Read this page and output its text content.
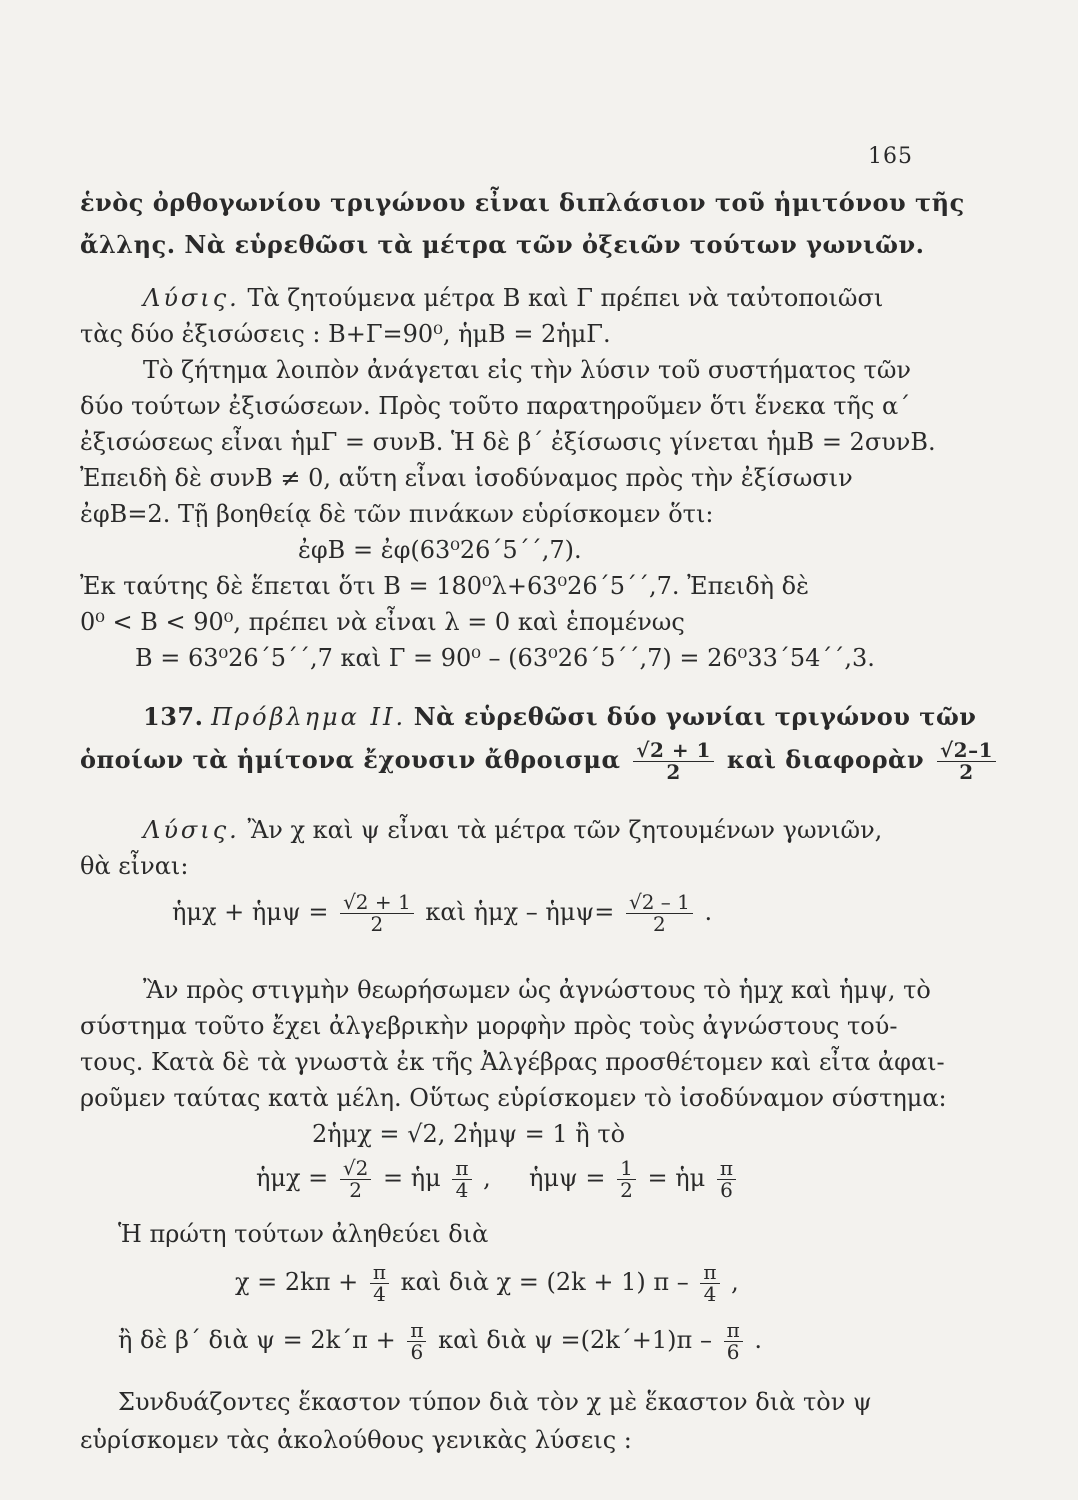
165
ἑνὸς ὀρθογωνίου τριγώνου εἶναι διπλάσιον τοῦ ἡμιτόνου τῆς
ἄλλης. Νὰ εὑρεθῶσι τὰ μέτρα τῶν ὀξειῶν τούτων γωνιῶν.
Λύσις. Τὰ ζητούμενα μέτρα Β καὶ Γ πρέπει νὰ ταὐτοποιῶσι
τὰς δύο ἐξισώσεις : Β+Γ=90⁰, ἡμΒ = 2ἡμΓ.
Τὸ ζήτημα λοιπὸν ἀνάγεται εἰς τὴν λύσιν τοῦ συστήματος τῶν
δύο τούτων ἐξισώσεων. Πρὸς τοῦτο παρατηροῦμεν ὅτι ἕνεκα τῆς α΄
ἐξισώσεως εἶναι ἡμΓ = συνΒ. Ἡ δὲ β΄ ἐξίσωσις γίνεται ἡμΒ = 2συνΒ.
Ἐπειδὴ δὲ συνΒ ≠ 0, αὕτη εἶναι ἰσοδύναμος πρὸς τὴν ἐξίσωσιν
ἐφΒ=2. Τῇ βοηθείᾳ δὲ τῶν πινάκων εὑρίσκομεν ὅτι:
ἐφΒ = ἐφ(63⁰26΄5΄΄,7).
Ἐκ ταύτης δὲ ἕπεται ὅτι Β = 180⁰λ+63⁰26΄5΄΄,7. Ἐπειδὴ δὲ
0⁰ < Β < 90⁰, πρέπει νὰ εἶναι λ = 0 καὶ ἑπομένως
Β = 63⁰26΄5΄΄,7 καὶ Γ = 90⁰ – (63⁰26΄5΄΄,7) = 26⁰33΄54΄΄,3.
137. Πρόβλημα ΙΙ. Νὰ εὑρεθῶσι δύο γωνίαι τριγώνου τῶν
ὁποίων τὰ ἡμίτονα ἔχουσιν ἄθροισμα $\frac{√2 + 1}{2}$ καὶ διαφορὰν $\frac{√2-1}{2}$
Λύσις. Ἂν χ καὶ ψ εἶναι τὰ μέτρα τῶν ζητουμένων γωνιῶν,
θὰ εἶναι:
ἡμχ + ἡμψ = $\frac{√2 + 1}{2}$ καὶ ἡμχ – ἡμψ= $\frac{√2 - 1}{2}$ .
Ἂν πρὸς στιγμὴν θεωρήσωμεν ὡς ἀγνώστους τὸ ἡμχ καὶ ἡμψ, τὸ
σύστημα τοῦτο ἔχει ἀλγεβρικὴν μορφὴν πρὸς τοὺς ἀγνώστους τού-
τους. Κατὰ δὲ τὰ γνωστὰ ἐκ τῆς Ἀλγέβρας προσθέτομεν καὶ εἶτα ἀφαι-
ροῦμεν ταύτας κατὰ μέλη. Οὕτως εὑρίσκομεν τὸ ἰσοδύναμον σύστημα:
2ἡμχ = √2, 2ἡμψ = 1 ἢ τὸ
ἡμχ = $\frac{√2}{2}$ = ἡμ $\frac{\pi}{4}$ ,     ἡμψ = $\frac{1}{2}$ = ἡμ $\frac{\pi}{6}$
Ἡ πρώτη τούτων ἀληθεύει διὰ
$\chi = 2k\pi + \frac{\pi}{4}$ καὶ διὰ χ = (2k + 1) π – $\frac{\pi}{4}$ ,
ἢ δὲ β΄ διὰ $\psi = 2k΄\pi + \frac{\pi}{6}$ καὶ διὰ $\psi =(2k΄+1)\pi - \frac{\pi}{6}$ .
Συνδυάζοντες ἕκαστον τύπον διὰ τὸν χ μὲ ἕκαστον διὰ τὸν ψ
εὑρίσκομεν τὰς ἀκολούθους γενικὰς λύσεις :
